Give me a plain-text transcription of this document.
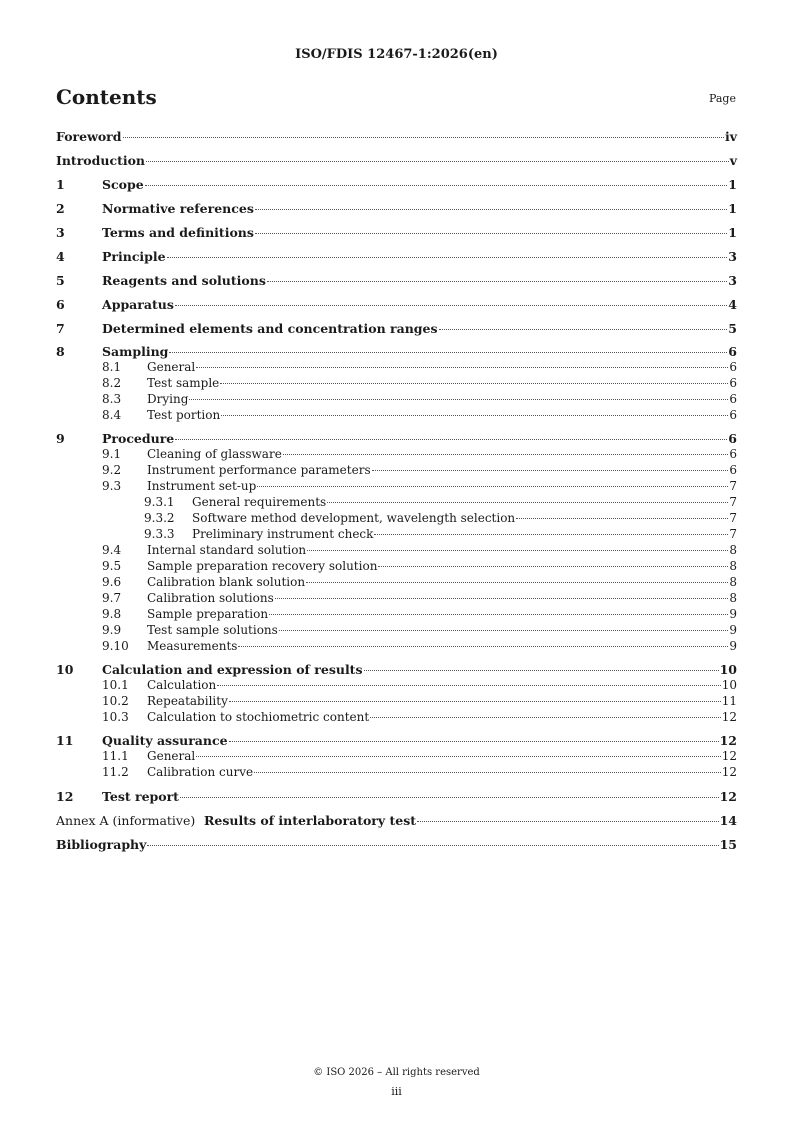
ISO/FDIS 12467-1:2026(en)
Contents	Page
Foreword	iv
Introduction	v
1	Scope	1
2	Normative references	1
3	Terms and definitions	1
4	Principle	3
5	Reagents and solutions	3
6	Apparatus	4
7	Determined elements and concentration ranges	5
8	Sampling	6
8.1	General	6
8.2	Test sample	6
8.3	Drying	6
8.4	Test portion	6
9	Procedure	6
9.1	Cleaning of glassware	6
9.2	Instrument performance parameters	6
9.3	Instrument set-up	7
9.3.1	General requirements	7
9.3.2	Software method development, wavelength selection	7
9.3.3	Preliminary instrument check	7
9.4	Internal standard solution	8
9.5	Sample preparation recovery solution	8
9.6	Calibration blank solution	8
9.7	Calibration solutions	8
9.8	Sample preparation	9
9.9	Test sample solutions	9
9.10	Measurements	9
10	Calculation and expression of results	10
10.1	Calculation	10
10.2	Repeatability	11
10.3	Calculation to stochiometric content	12
11	Quality assurance	12
11.1	General	12
11.2	Calibration curve	12
12	Test report	12
Annex A (informative) Results of interlaboratory test	14
Bibliography	15
© ISO 2026 – All rights reserved
iii
